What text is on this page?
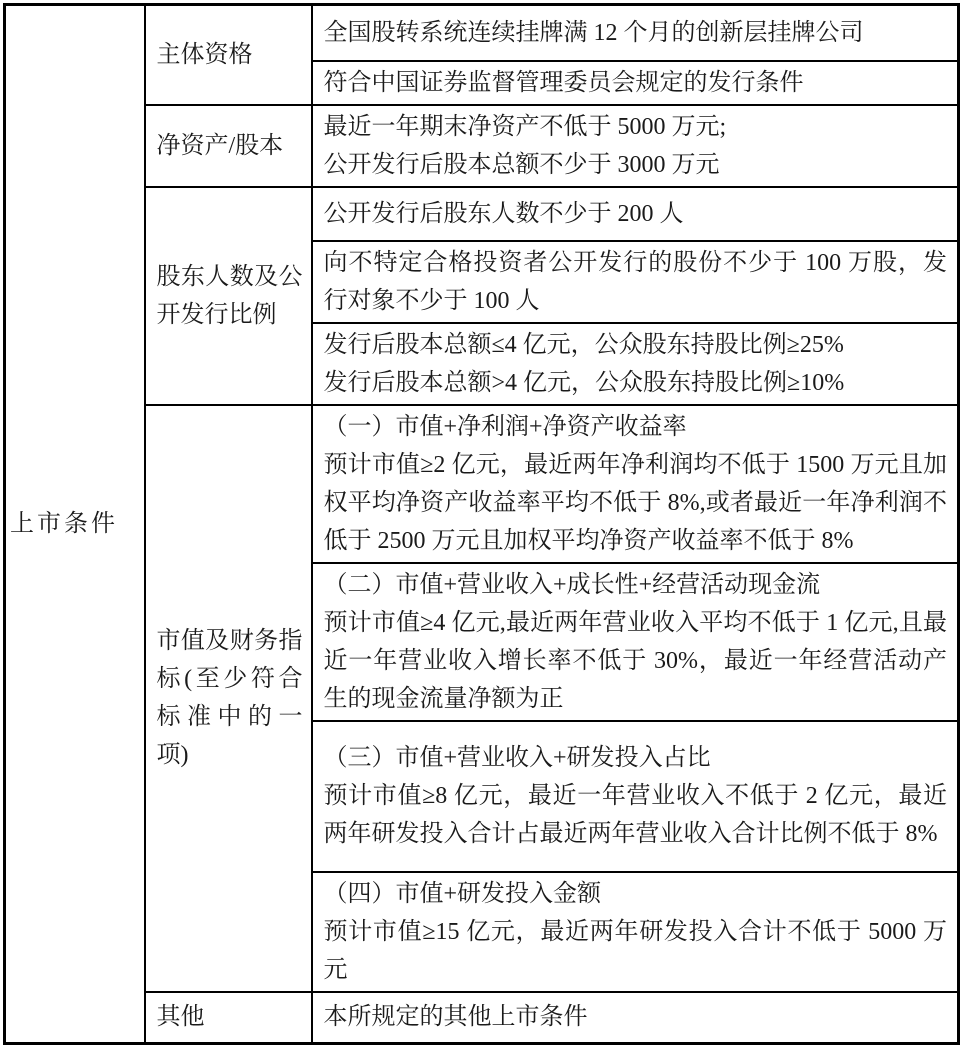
上市条件	主体资格	全国股转系统连续挂牌满 12 个月的创新层挂牌公司

		符合中国证券监督管理委员会规定的发行条件

	净资产/股本	最近一年期末净资产不低于 5000 万元;
公开发行后股本总额不少于 3000 万元

	股东人数及公开发行比例	公开发行后股东人数不少于 200 人

		向不特定合格投资者公开发行的股份不少于 100 万股，发行对象不少于 100 人

		发行后股本总额≤4 亿元，公众股东持股比例≥25%
发行后股本总额>4 亿元，公众股东持股比例≥10%

	市值及财务指标(至少符合标准中的一项)	（一）市值+净利润+净资产收益率
预计市值≥2 亿元，最近两年净利润均不低于 1500 万元且加权平均净资产收益率平均不低于 8%,或者最近一年净利润不低于 2500 万元且加权平均净资产收益率不低于 8%

		（二）市值+营业收入+成长性+经营活动现金流
预计市值≥4 亿元,最近两年营业收入平均不低于 1 亿元,且最近一年营业收入增长率不低于 30%，最近一年经营活动产生的现金流量净额为正

		（三）市值+营业收入+研发投入占比
预计市值≥8 亿元，最近一年营业收入不低于 2 亿元，最近两年研发投入合计占最近两年营业收入合计比例不低于 8%

		（四）市值+研发投入金额
预计市值≥15 亿元，最近两年研发投入合计不低于 5000 万元

	其他	本所规定的其他上市条件
